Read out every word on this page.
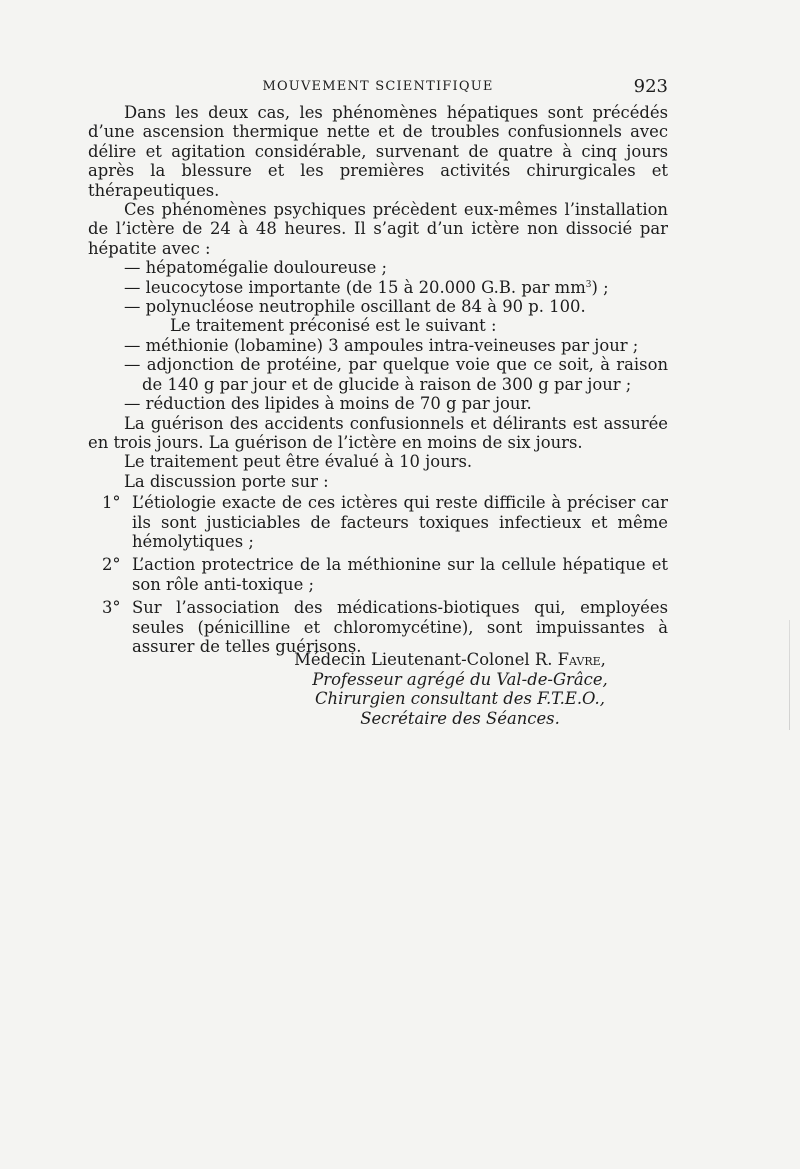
MOUVEMENT SCIENTIFIQUE	923

Dans les deux cas, les phénomènes hépatiques sont précédés d’une ascension thermique nette et de troubles confusionnels avec délire et agitation considérable, survenant de quatre à cinq jours après la blessure et les premières activités chirurgicales et thérapeutiques.

Ces phénomènes psychiques précèdent eux-mêmes l’installation de l’ictère de 24 à 48 heures. Il s’agit d’un ictère non dissocié par hépatite avec :

— hépatomégalie douloureuse ;
— leucocytose importante (de 15 à 20.000 G.B. par $mm^3$) ;
— polynucléose neutrophile oscillant de 84 à 90 p. 100.

Le traitement préconisé est le suivant :

— méthionie (lobamine) 3 ampoules intra-veineuses par jour ;
— adjonction de protéine, par quelque voie que ce soit, à raison de 140 g par jour et de glucide à raison de 300 g par jour ;
— réduction des lipides à moins de 70 g par jour.

La guérison des accidents confusionnels et délirants est assurée en trois jours. La guérison de l’ictère en moins de six jours.

Le traitement peut être évalué à 10 jours.

La discussion porte sur :

1° L’étiologie exacte de ces ictères qui reste difficile à préciser car ils sont justiciables de facteurs toxiques infectieux et même hémolytiques ;
2° L’action protectrice de la méthionine sur la cellule hépatique et son rôle anti-toxique ;
3° Sur l’association des médications-biotiques qui, employées seules (pénicilline et chloromycétine), sont impuissantes à assurer de telles guérisons.
Médecin Lieutenant-Colonel R. Favre,
Professeur agrégé du Val-de-Grâce,
Chirurgien consultant des F.T.E.O.,
Secrétaire des Séances.
